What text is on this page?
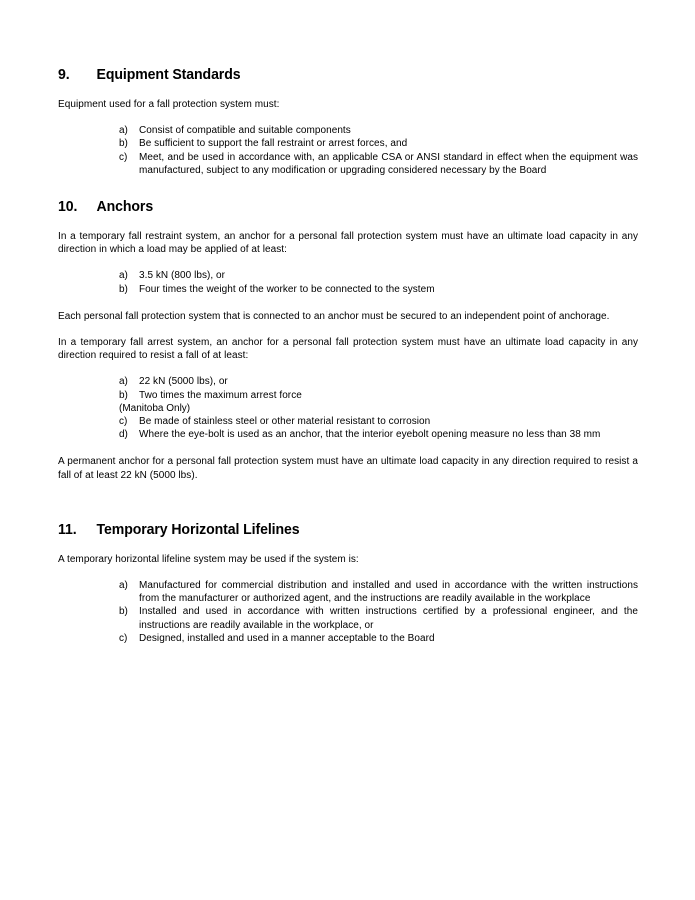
9.	Equipment Standards

Equipment used for a fall protection system must:

a)	Consist of compatible and suitable components
b)	Be sufficient to support the fall restraint or arrest forces, and
c)	Meet, and be used in accordance with, an applicable CSA or ANSI standard in effect when the equipment was manufactured, subject to any modification or upgrading considered necessary by the Board
10.	Anchors

In a temporary fall restraint system, an anchor for a personal fall protection system must have an ultimate load capacity in any direction in which a load may be applied of at least:

a)	3.5 kN (800 lbs), or
b)	Four times the weight of the worker to be connected to the system

Each personal fall protection system that is connected to an anchor must be secured to an independent point of anchorage.

In a temporary fall arrest system, an anchor for a personal fall protection system must have an ultimate load capacity in any direction required to resist a fall of at least:

a)	22 kN (5000 lbs), or
b)	Two times the maximum arrest force
(Manitoba Only)
c)	Be made of stainless steel or other material resistant to corrosion
d)	Where the eye-bolt is used as an anchor, that the interior eyebolt opening measure no less than 38 mm

A permanent anchor for a personal fall protection system must have an ultimate load capacity in any direction required to resist a fall of at least 22 kN (5000 lbs).

11.	Temporary Horizontal Lifelines

A temporary horizontal lifeline system may be used if the system is:

a)	Manufactured for commercial distribution and installed and used in accordance with the written instructions from the manufacturer or authorized agent, and the instructions are readily available in the workplace
b)	Installed and used in accordance with written instructions certified by a professional engineer, and the instructions are readily available in the workplace, or
c)	Designed, installed and used in a manner acceptable to the Board
